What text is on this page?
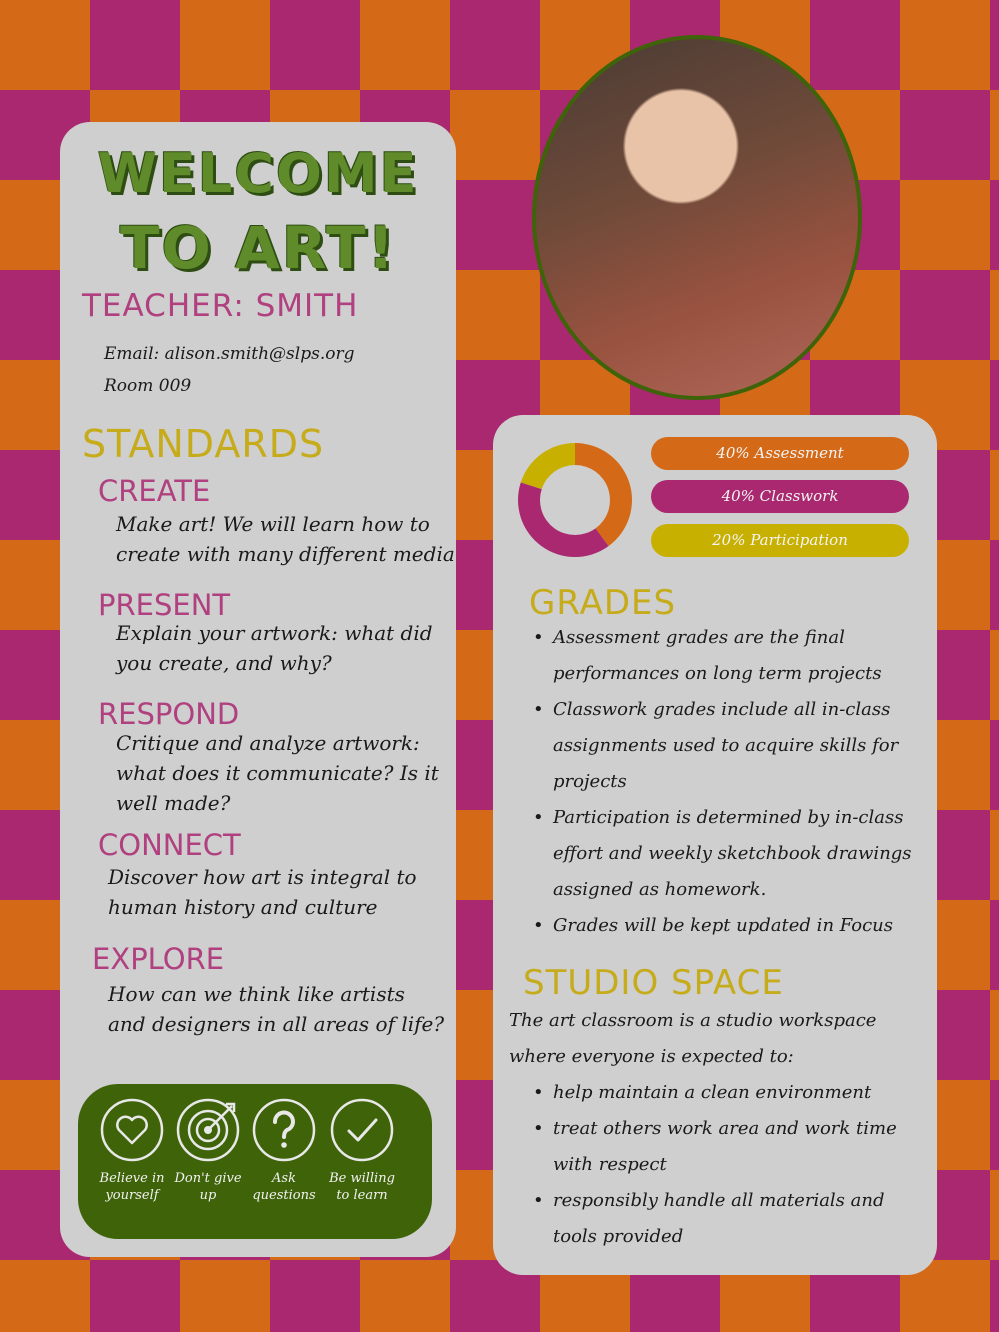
WELCOME
TO ART!
TEACHER: SMITH
Email: alison.smith@slps.org
Room 009
STANDARDS
CREATE
Make art! We will learn how to create with many different media
PRESENT
Explain your artwork: what did you create, and why?
RESPOND
Critique and analyze artwork: what does it communicate? Is it well made?
CONNECT
Discover how art is integral to human history and culture
EXPLORE
How can we think like artists and designers in all areas of life?
Believe in yourself
Don't give up
Ask questions
Be willing to learn
40% Assessment
40% Classwork
20% Participation
GRADES
• Assessment grades are the final performances on long term projects
• Classwork grades include all in-class assignments used to acquire skills for projects
• Participation is determined by in-class effort and weekly sketchbook drawings assigned as homework.
• Grades will be kept updated in Focus
STUDIO SPACE
The art classroom is a studio workspace where everyone is expected to:
• help maintain a clean environment
• treat others work area and work time with respect
• responsibly handle all materials and tools provided
